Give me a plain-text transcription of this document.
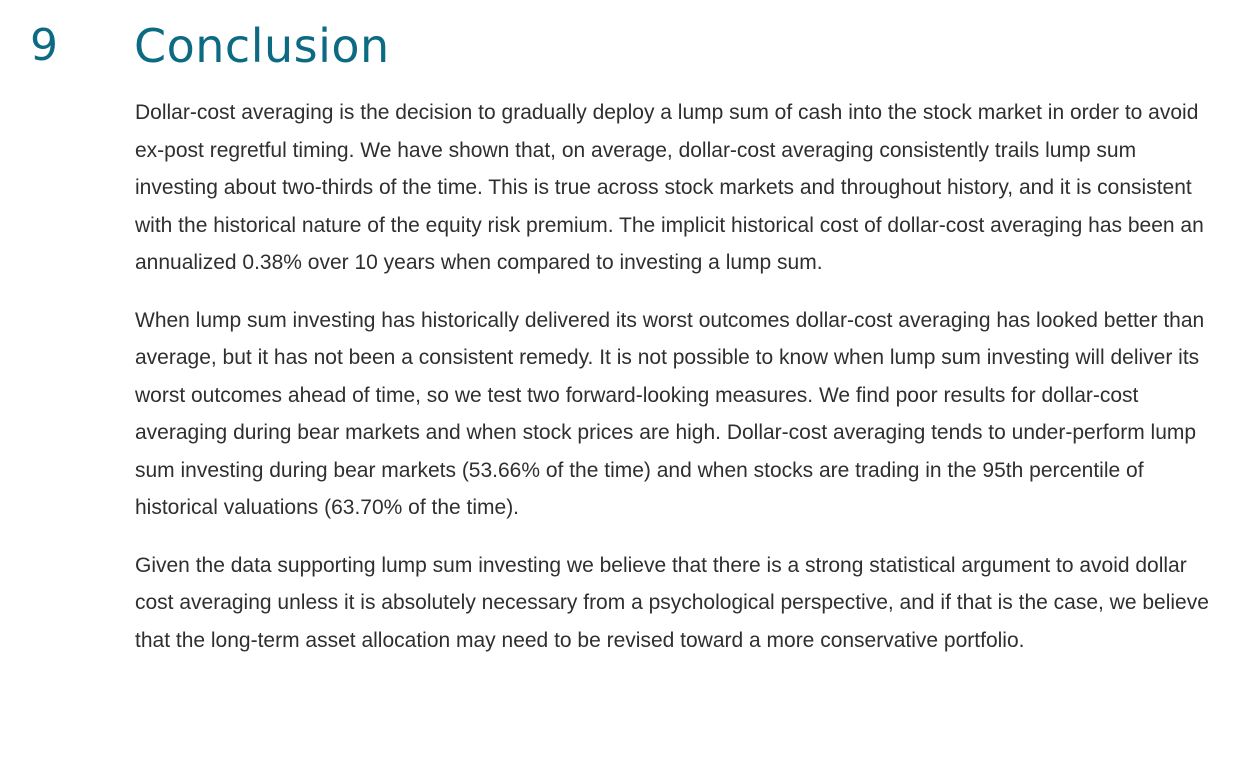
9 Conclusion

Dollar-cost averaging is the decision to gradually deploy a lump sum of cash into the stock market in order to avoid ex-post regretful timing. We have shown that, on average, dollar-cost averaging consistently trails lump sum investing about two-thirds of the time. This is true across stock markets and throughout history, and it is consistent with the historical nature of the equity risk premium. The implicit historical cost of dollar-cost averaging has been an annualized 0.38% over 10 years when compared to investing a lump sum.

When lump sum investing has historically delivered its worst outcomes dollar-cost averaging has looked better than average, but it has not been a consistent remedy. It is not possible to know when lump sum investing will deliver its worst outcomes ahead of time, so we test two forward-looking measures. We find poor results for dollar-cost averaging during bear markets and when stock prices are high. Dollar-cost averaging tends to under-perform lump sum investing during bear markets (53.66% of the time) and when stocks are trading in the 95th percentile of historical valuations (63.70% of the time).

Given the data supporting lump sum investing we believe that there is a strong statistical argument to avoid dollar cost averaging unless it is absolutely necessary from a psychological perspective, and if that is the case, we believe that the long-term asset allocation may need to be revised toward a more conservative portfolio.
